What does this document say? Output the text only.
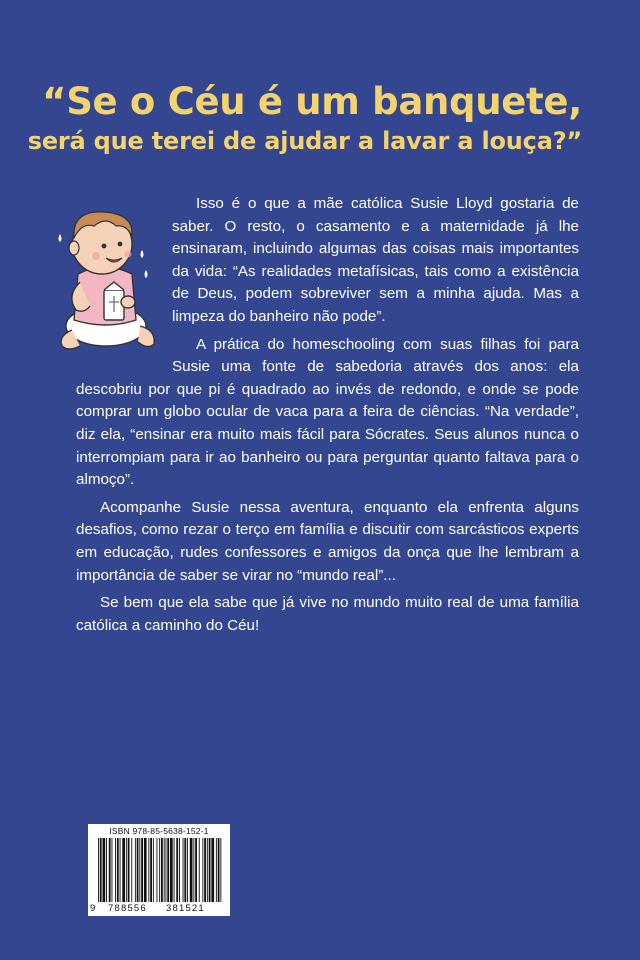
“Se o Céu é um banquete,
será que terei de ajudar a lavar a louça?”

Isso é o que a mãe católica Susie Lloyd gostaria de saber. O resto, o casamento e a maternidade já lhe ensinaram, incluindo algumas das coisas mais importantes da vida: “As realidades metafísicas, tais como a existência de Deus, podem sobreviver sem a minha ajuda. Mas a limpeza do banheiro não pode”.

A prática do homeschooling com suas filhas foi para Susie uma fonte de sabedoria através dos anos: ela descobriu por que pi é quadrado ao invés de redondo, e onde se pode comprar um globo ocular de vaca para a feira de ciências. “Na verdade”, diz ela, “ensinar era muito mais fácil para Sócrates. Seus alunos nunca o interrompiam para ir ao banheiro ou para perguntar quanto faltava para o almoço”.

Acompanhe Susie nessa aventura, enquanto ela enfrenta alguns desafios, como rezar o terço em família e discutir com sarcásticos experts em educação, rudes confessores e amigos da onça que lhe lembram a importância de saber se virar no “mundo real”...

Se bem que ela sabe que já vive no mundo muito real de uma família católica a caminho do Céu!

ISBN 978-85-5638-152-1
9 788556 381521
